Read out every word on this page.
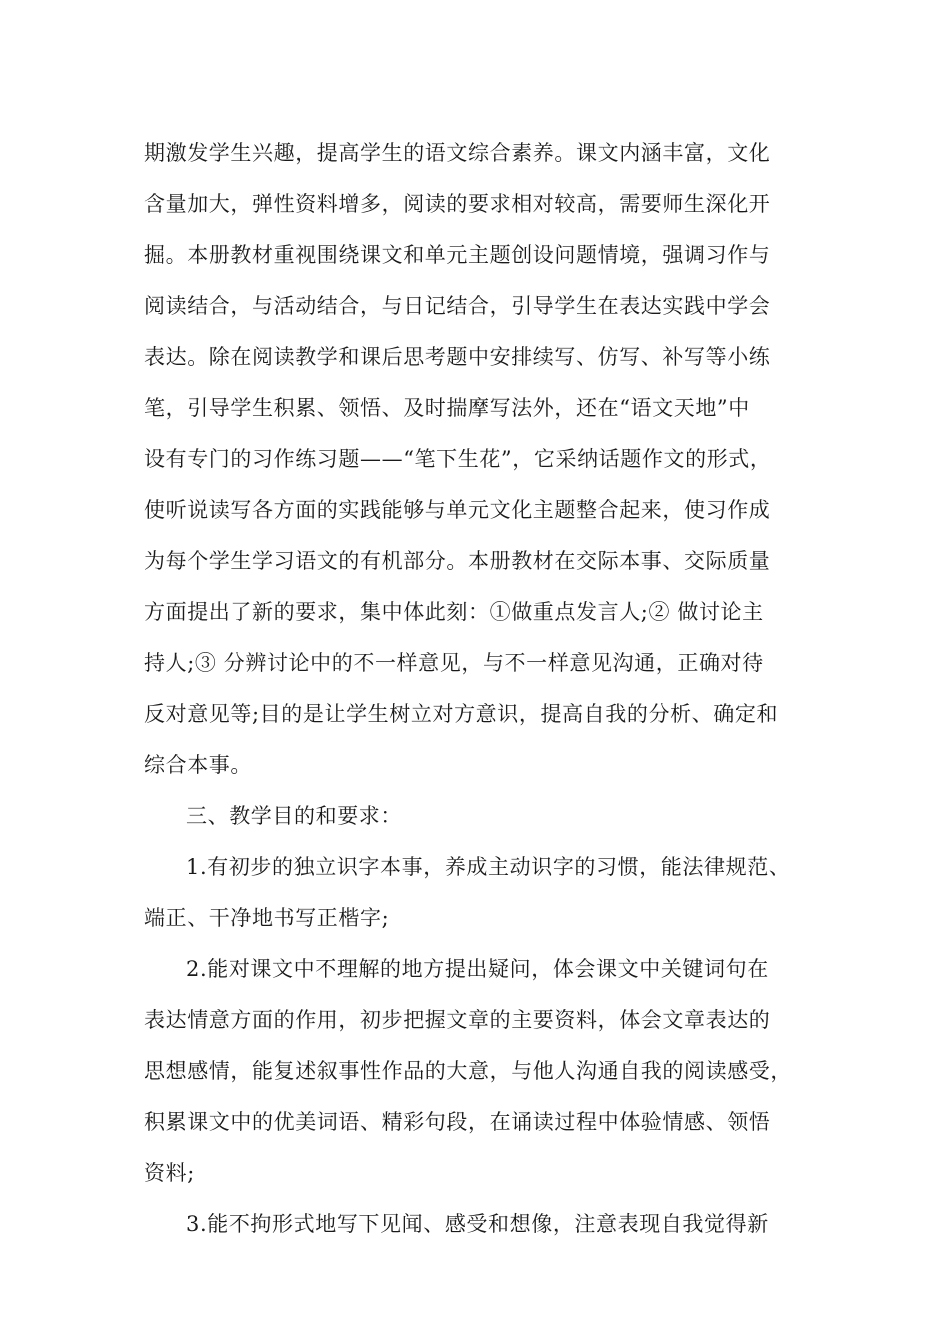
期激发学生兴趣，提高学生的语文综合素养。课文内涵丰富，文化
含量加大，弹性资料增多，阅读的要求相对较高，需要师生深化开
掘。本册教材重视围绕课文和单元主题创设问题情境，强调习作与
阅读结合，与活动结合，与日记结合，引导学生在表达实践中学会
表达。除在阅读教学和课后思考题中安排续写、仿写、补写等小练
笔，引导学生积累、领悟、及时揣摩写法外，还在“语文天地”中
设有专门的习作练习题——“笔下生花”，它采纳话题作文的形式，
使听说读写各方面的实践能够与单元文化主题整合起来，使习作成
为每个学生学习语文的有机部分。本册教材在交际本事、交际质量
方面提出了新的要求，集中体此刻：①做重点发言人;② 做讨论主
持人;③ 分辨讨论中的不一样意见，与不一样意见沟通，正确对待
反对意见等;目的是让学生树立对方意识，提高自我的分析、确定和
综合本事。
三、教学目的和要求：
1.有初步的独立识字本事，养成主动识字的习惯，能法律规范、
端正、干净地书写正楷字;
2.能对课文中不理解的地方提出疑问，体会课文中关键词句在
表达情意方面的作用，初步把握文章的主要资料，体会文章表达的
思想感情，能复述叙事性作品的大意，与他人沟通自我的阅读感受，
积累课文中的优美词语、精彩句段，在诵读过程中体验情感、领悟
资料;
3.能不拘形式地写下见闻、感受和想像，注意表现自我觉得新
